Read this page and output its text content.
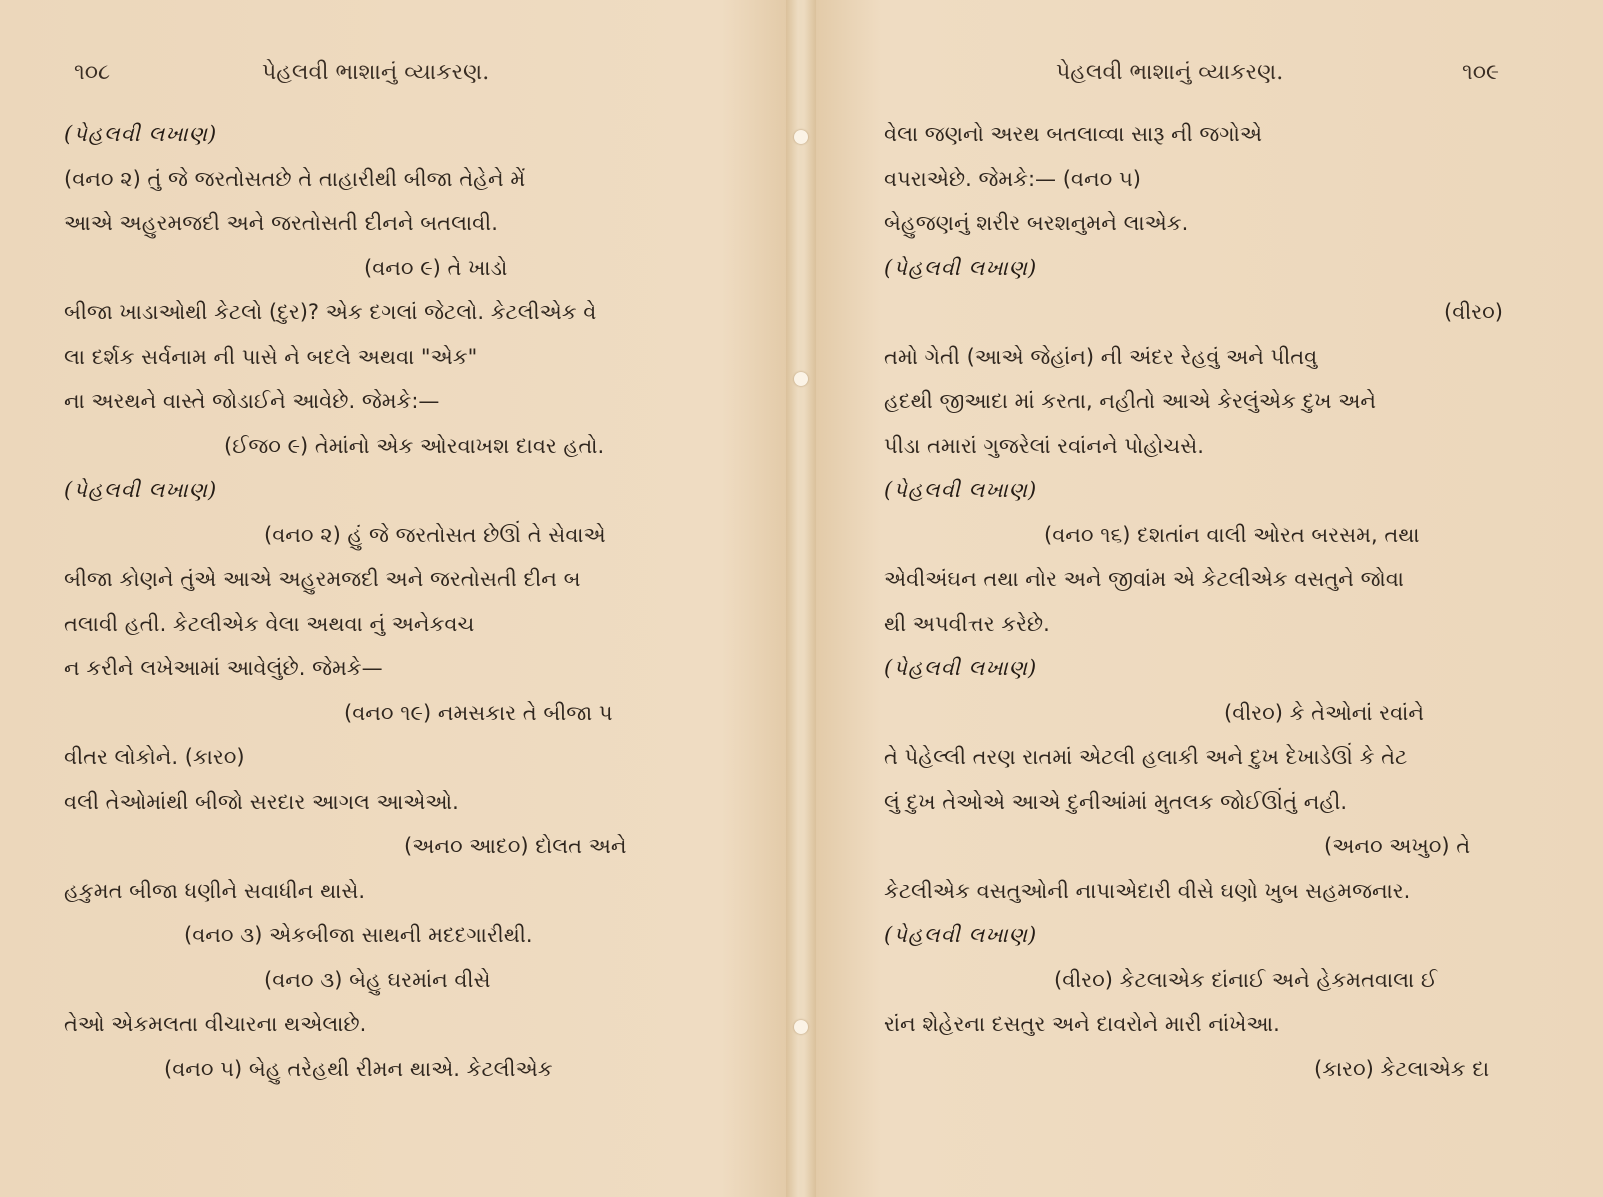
૧૦૮	પેહલવી ભાશાનું વ્યાકરણ.
(પેહલવી લખાણ)
(વન૦ ૨) તું જે જરતોસતછે તે તાહારીથી બીજા તેહેને મેં
આએ અહુરમજદી અને જરતોસતી દીનને બતલાવી.
(વન૦ ૯) તે ખાડો
બીજા ખાડાઓથી કેટલો (દુર)? એક દગલાં જેટલો. કેટલીએક વે
લા દર્શક સર્વનામ ની પાસે ને બદલે અથવા "એક"
ના અરથને વાસ્તે જોડાઈને આવેછે. જેમકે:—
(ઈજ૦ ૯) તેમાંનો એક ઓરવાખશ દાવર હતો.
(પેહલવી લખાણ)
(વન૦ ૨) હું જે જરતોસત છેઊં તે સેવાએ
બીજા કોણને તુંએ આએ અહુરમજદી અને જરતોસતી દીન બ
તલાવી હતી. કેટલીએક વેલા અથવા નું અનેકવચ
ન કરીને લખેઆમાં આવેલુંછે. જેમકે—
(વન૦ ૧૯) નમસકાર તે બીજા પ
વીતર લોકોને. (કાર૦)
વલી તેઓમાંથી બીજો સરદાર આગલ આએઓ.
(અન૦ આદ૦) દોલત અને
હકુમત બીજા ધણીને સવાધીન થાસે.
(વન૦ ૩) એકબીજા સાથની મદદગારીથી.
(વન૦ ૩) બેહુ ઘરમાંન વીસે
તેઓ એકમલતા વીચારના થએલાછે.
(વન૦ ૫) બેહુ તરેહથી રીમન થાએ. કેટલીએક
પેહલવી ભાશાનું વ્યાકરણ.	૧૦૯
વેલા જણનો અરથ બતલાવ્વા સારૂ ની જગોએ
વપરાએછે. જેમકે:— (વન૦ ૫)
બેહુજણનું શરીર બરશનુમને લાએક.
(પેહલવી લખાણ)
(વીર૦)
તમો ગેતી (આએ જેહાંન) ની અંદર રેહવું અને પીતવુ
હદથી જીઆદા માં કરતા, નહીતો આએ કેરલુંએક દુખ અને
પીડા તમારાં ગુજરેલાં રવાંનને પોહોચસે.
(પેહલવી લખાણ)
(વન૦ ૧૬) દશતાંન વાલી ઓરત બરસમ, તથા
એવીઅંઘન તથા નોર અને જીવાંમ એ કેટલીએક વસતુને જોવા
થી અપવીત્તર કરેછે.
(પેહલવી લખાણ)
(વીર૦) કે તેઓનાં રવાંને
તે પેહેલ્લી તરણ રાતમાં એટલી હલાકી અને દુખ દેખાડેઊં કે તેટ
લું દુખ તેઓએ આએ દુનીઆંમાં મુતલક જોઈઊંતું નહી.
(અન૦ અખુ૦) તે
કેટલીએક વસતુઓની નાપાએદારી વીસે ઘણો ખુબ સહમજનાર.
(પેહલવી લખાણ)
(વીર૦) કેટલાએક દાંનાઈ અને હેકમતવાલા ઈ
રાંન શેહેરના દસતુર અને દાવરોને મારી નાંખેઆ.
(કાર૦) કેટલાએક દા
